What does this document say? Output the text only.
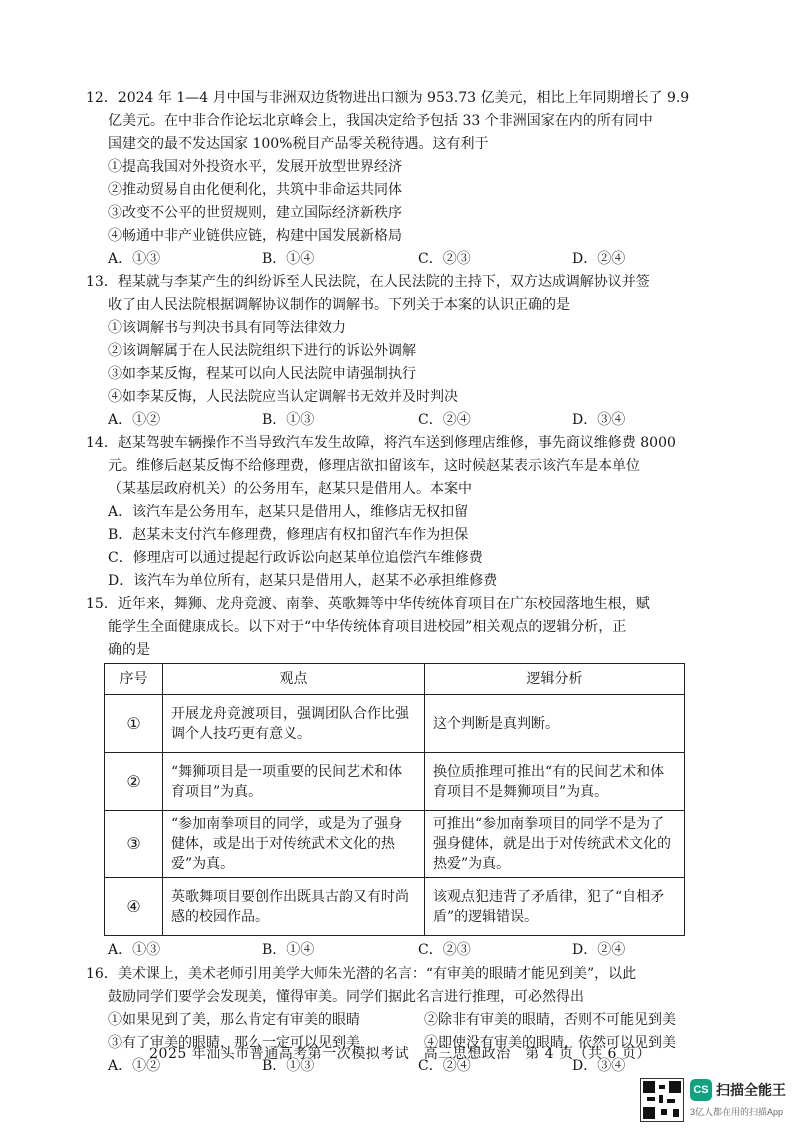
12．2024 年 1—4 月中国与非洲双边货物进出口额为 953.73 亿美元，相比上年同期增长了 9.9
亿美元。在中非合作论坛北京峰会上，我国决定给予包括 33 个非洲国家在内的所有同中
国建交的最不发达国家 100%税目产品零关税待遇。这有利于
①提高我国对外投资水平，发展开放型世界经济
②推动贸易自由化便利化，共筑中非命运共同体
③改变不公平的世贸规则，建立国际经济新秩序
④畅通中非产业链供应链，构建中国发展新格局
A．①③	B．①④	C．②③	D．②④
13．程某就与李某产生的纠纷诉至人民法院，在人民法院的主持下，双方达成调解协议并签
收了由人民法院根据调解协议制作的调解书。下列关于本案的认识正确的是
①该调解书与判决书具有同等法律效力
②该调解属于在人民法院组织下进行的诉讼外调解
③如李某反悔，程某可以向人民法院申请强制执行
④如李某反悔，人民法院应当认定调解书无效并及时判决
A．①②	B．①③	C．②④	D．③④
14．赵某驾驶车辆操作不当导致汽车发生故障，将汽车送到修理店维修，事先商议维修费 8000
元。维修后赵某反悔不给修理费，修理店欲扣留该车，这时候赵某表示该汽车是本单位
（某基层政府机关）的公务用车，赵某只是借用人。本案中
A．该汽车是公务用车，赵某只是借用人，维修店无权扣留
B．赵某未支付汽车修理费，修理店有权扣留汽车作为担保
C．修理店可以通过提起行政诉讼向赵某单位追偿汽车维修费
D．该汽车为单位所有，赵某只是借用人，赵某不必承担维修费
15．近年来，舞狮、龙舟竞渡、南拳、英歌舞等中华传统体育项目在广东校园落地生根，赋
序号	观点	逻辑分析
①	开展龙舟竞渡项目，强调团队合作比强调个人技巧更有意义。	这个判断是真判断。
②	“舞狮项目是一项重要的民间艺术和体育项目”为真。	换位质推理可推出“有的民间艺术和体育项目不是舞狮项目”为真。
③	“参加南拳项目的同学，或是为了强身健体，或是出于对传统武术文化的热爱”为真。	可推出“参加南拳项目的同学不是为了强身健体，就是出于对传统武术文化的热爱”为真。
④	英歌舞项目要创作出既具古韵又有时尚感的校园作品。	该观点犯违背了矛盾律，犯了“自相矛盾”的逻辑错误。
能学生全面健康成长。以下对于“中华传统体育项目进校园”相关观点的逻辑分析，正
2025 年汕头市普通高考第一次模拟考试　高三思想政治　第 4 页（共 6 页）
CS 扫描全能王
3亿人都在用的扫描App
确的是
A．①③	B．①④	C．②③	D．②④
16．美术课上，美术老师引用美学大师朱光潜的名言：“有审美的眼睛才能见到美”，以此
鼓励同学们要学会发现美，懂得审美。同学们据此名言进行推理，可必然得出
①如果见到了美，那么肯定有审美的眼睛	②除非有审美的眼睛，否则不可能见到美
③有了审美的眼睛，那么一定可以见到美	④即使没有审美的眼睛，依然可以见到美
A．①②	B．①③	C．②④	D．③④
